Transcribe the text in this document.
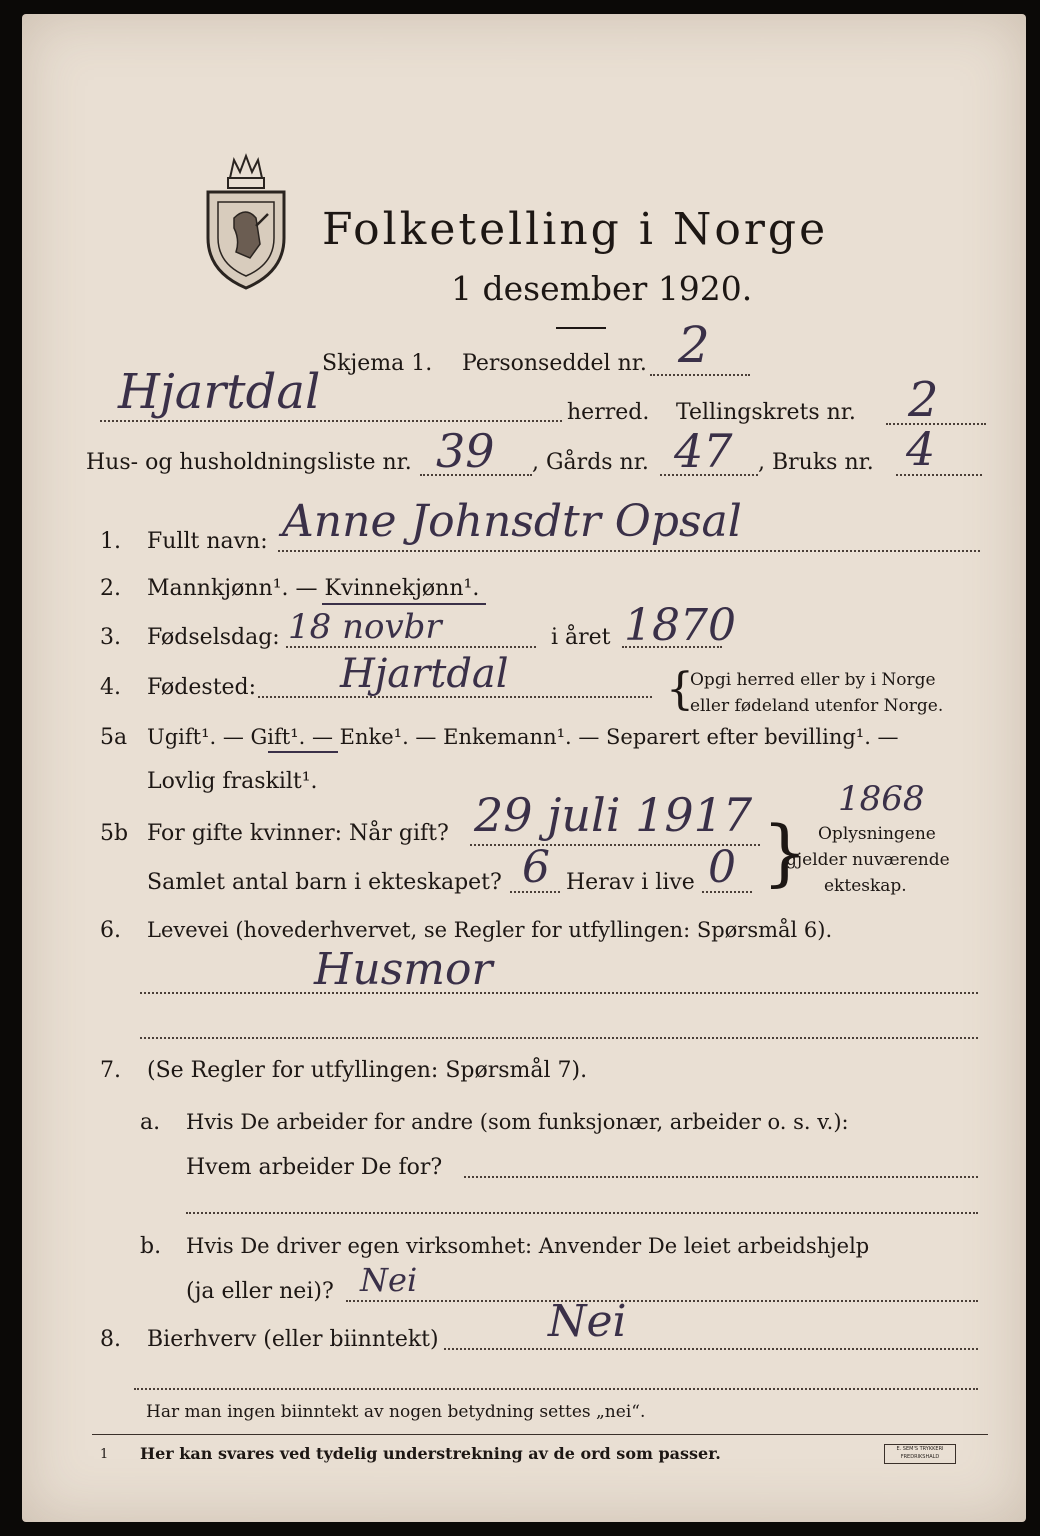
Folketelling i Norge
1 desember 1920.
Skjema 1. Personseddel nr. 2
Hjartdal	herred. Tellingskrets nr. 2
Hus- og husholdningsliste nr. 39 , Gårds nr. 47 , Bruks nr. 4
1. Fullt navn: Anne Johnsdtr Opsal
2. Mannkjønn¹. — Kvinnekjønn¹.
3. Fødselsdag: 18 novbr	i året 1870
4. Fødested: Hjartdal	{
Opgi herred eller by i Norge
eller fødeland utenfor Norge.
5a Ugift¹. — Gift¹. — Enke¹. — Enkemann¹. — Separert efter bevilling¹. —
Lovlig fraskilt¹.
5b For gifte kvinner: Når gift? 29 juli 1917	1868
Samlet antal barn i ekteskapet? 6 Herav i live 0 } Oplysningene
gjelder nuværende
ekteskap.
6. Levevei (hovederhvervet, se Regler for utfyllingen: Spørsmål 6).
Husmor
7. (Se Regler for utfyllingen: Spørsmål 7).
a. Hvis De arbeider for andre (som funksjonær, arbeider o. s. v.):
Hvem arbeider De for?
b. Hvis De driver egen virksomhet: Anvender De leiet arbeidshjelp
(ja eller nei)? Nei
8. Bierhverv (eller biinntekt) Nei
Har man ingen biinntekt av nogen betydning settes „nei“.
1 Her kan svares ved tydelig understrekning av de ord som passer.	E. SEM'S TRYKKERI
FREDRIKSHALD
